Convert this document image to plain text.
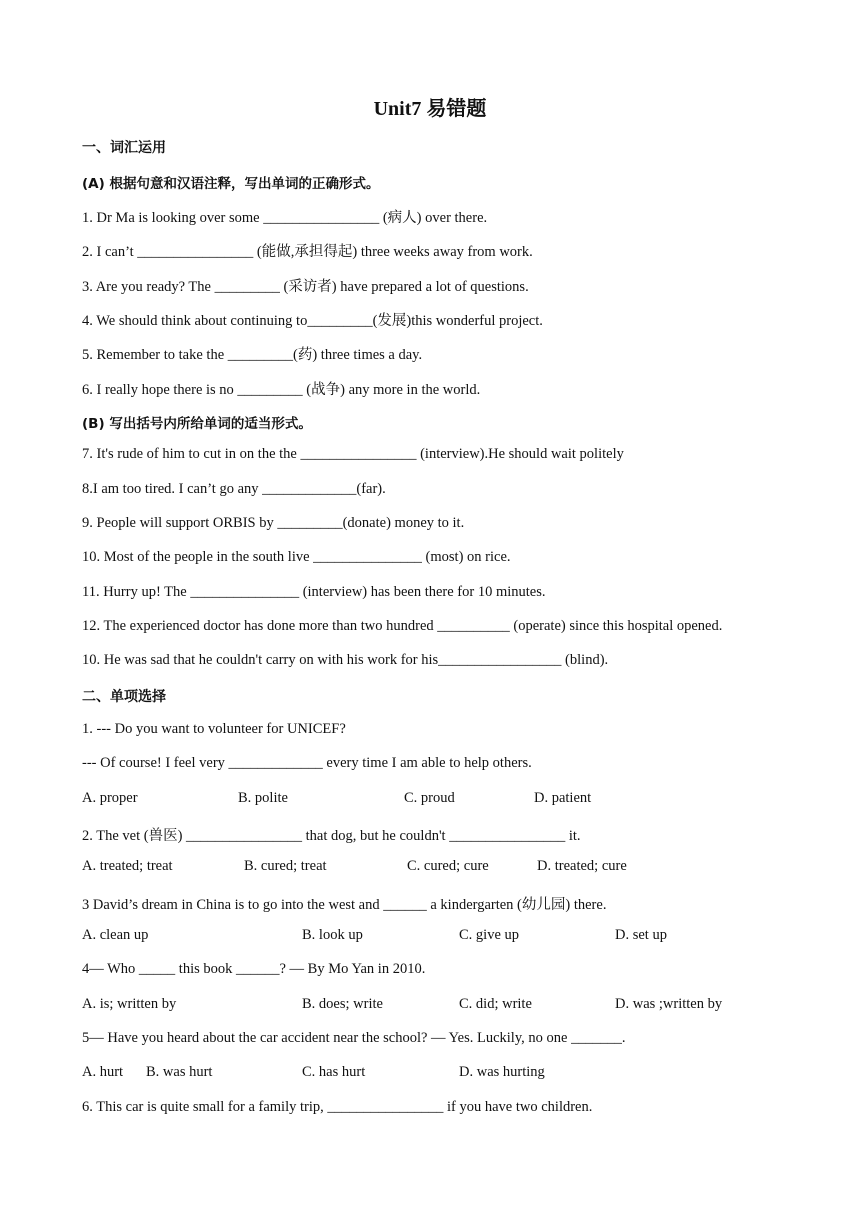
Unit7 易错题
一、词汇运用
(A) 根据句意和汉语注释，写出单词的正确形式。
1. Dr Ma is looking over some ________________ (病人) over there.
2. I can’t ________________ (能做,承担得起) three weeks away from work.
3. Are you ready? The _________ (采访者) have prepared a lot of questions.
4. We should think about continuing to_________(发展)this wonderful project.
5. Remember to take the _________(药) three times a day.
6. I really hope there is no _________ (战争) any more in the world.
(B) 写出括号内所给单词的适当形式。
7. It's rude of him to cut in on the the ________________ (interview).He should wait politely
8.I am too tired. I can’t go any _____________(far).
9. People will support ORBIS by _________(donate) money to it.
10. Most of the people in the south live _______________ (most) on rice.
11. Hurry up! The _______________ (interview) has been there for 10 minutes.
12. The experienced doctor has done more than two hundred __________ (operate) since this hospital opened.
10. He was sad that he couldn't carry on with his work for his_________________ (blind).
二、单项选择
1. --- Do you want to volunteer for UNICEF?
--- Of course! I feel very _____________ every time I am able to help others.
A. proper	B. polite	C. proud	D. patient
2. The vet (兽医) ________________ that dog, but he couldn't ________________ it.
A. treated; treat	B. cured; treat	C. cured; cure	D. treated; cure
3 David’s dream in China is to go into the west and ______ a kindergarten (幼儿园) there.
A. clean up	B. look up	C. give up	D. set up
4— Who _____ this book ______? — By Mo Yan in 2010.
A. is; written by	B. does; write	C. did; write	D. was ;written by
5— Have you heard about the car accident near the school? — Yes. Luckily, no one _______.
A. hurt B. was hurt	C. has hurt	D. was hurting
6. This car is quite small for a family trip, ________________ if you have two children.
